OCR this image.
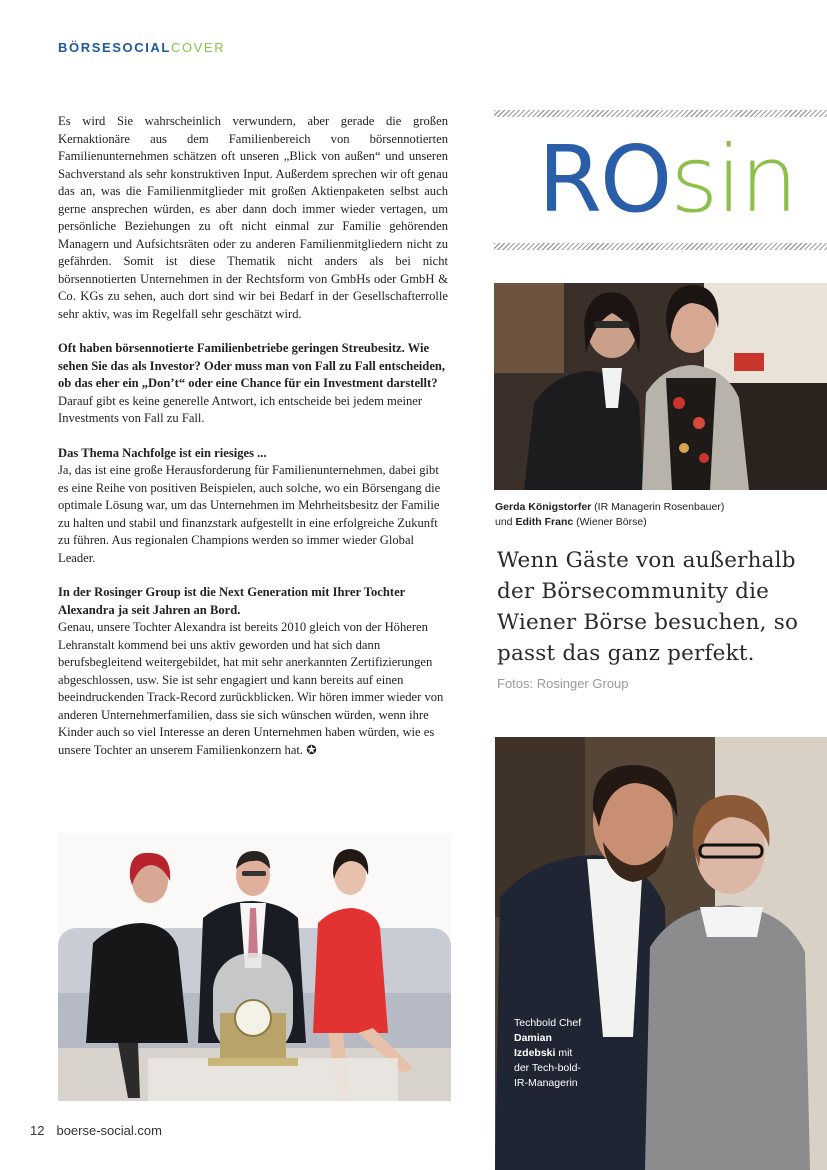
BÖRSESOCIALCOVER

Es wird Sie wahrscheinlich verwundern, aber gerade die großen Kernaktionäre aus dem Familienbereich von börsennotierten Familienunternehmen schätzen oft unseren „Blick von außen“ und unseren Sachverstand als sehr konstruktiven Input. Außerdem sprechen wir oft genau das an, was die Familienmitglieder mit großen Aktienpaketen selbst auch gerne ansprechen würden, es aber dann doch immer wieder vertagen, um persönliche Beziehungen zu oft nicht einmal zur Familie gehörenden Managern und Aufsichtsräten oder zu anderen Familienmitgliedern nicht zu gefährden. Somit ist diese Thematik nicht anders als bei nicht börsennotierten Unternehmen in der Rechtsform von GmbHs oder GmbH & Co. KGs zu sehen, auch dort sind wir bei Bedarf in der Gesellschafterrolle sehr aktiv, was im Regelfall sehr geschätzt wird.

Oft haben börsennotierte Familienbetriebe geringen Streubesitz. Wie sehen Sie das als Investor? Oder muss man von Fall zu Fall entscheiden, ob das eher ein „Don’t“ oder eine Chance für ein Investment darstellt?

Darauf gibt es keine generelle Antwort, ich entscheide bei jedem meiner Investments von Fall zu Fall.

Das Thema Nachfolge ist ein riesiges ...

Ja, das ist eine große Herausforderung für Familienunternehmen, dabei gibt es eine Reihe von positiven Beispielen, auch solche, wo ein Börsengang die optimale Lösung war, um das Unternehmen im Mehrheitsbesitz der Familie zu halten und stabil und finanzstark aufgestellt in eine erfolgreiche Zukunft zu führen. Aus regionalen Champions werden so immer wieder Global Leader.

In der Rosinger Group ist die Next Generation mit Ihrer Tochter Alexandra ja seit Jahren an Bord.

Genau, unsere Tochter Alexandra ist bereits 2010 gleich von der Höheren Lehranstalt kommend bei uns aktiv geworden und hat sich dann berufsbegleitend weitergebildet, hat mit sehr anerkannten Zertifizierungen abgeschlossen, usw. Sie ist sehr engagiert und kann bereits auf einen beeindruckenden Track-Record zurückblicken. Wir hören immer wieder von anderen Unternehmerfamilien, dass sie sich wünschen würden, wenn ihre Kinder auch so viel Interesse an deren Unternehmen haben würden, wie es unsere Tochter an unserem Familienkonzern hat. ✪

ROsin
Gerda Königstorfer (IR Managerin Rosenbauer)
und Edith Franc (Wiener Börse)
Wenn Gäste von außerhalb der Börsecommunity die Wiener Börse besuchen, so passt das ganz perfekt.
Fotos: Rosinger Group
Techbold Chef Damian Izdebski mit der Tech-bold-IR-Managerin
12 boerse-social.com
